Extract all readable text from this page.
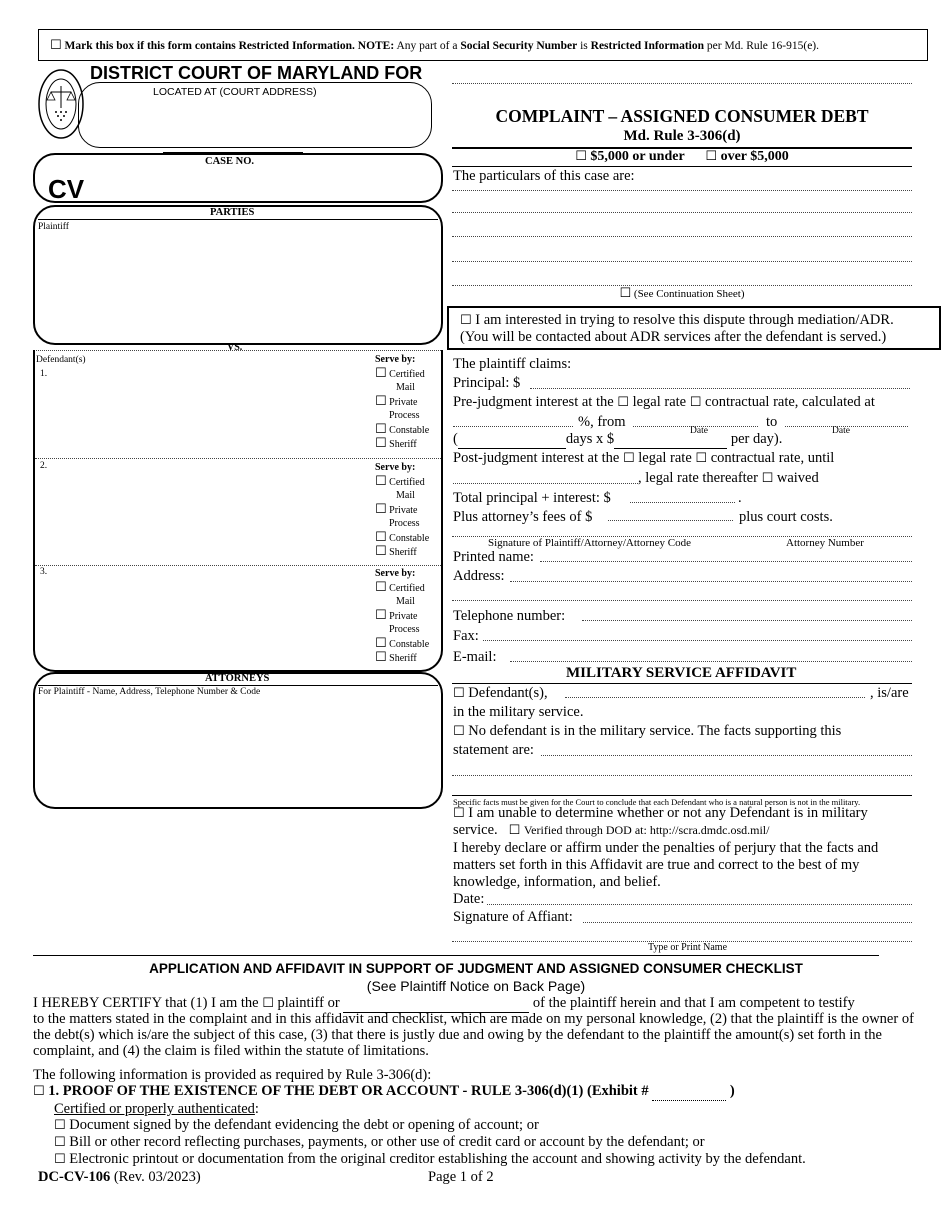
☐ Mark this box if this form contains Restricted Information. NOTE: Any part of a Social Security Number is Restricted Information per Md. Rule 16-915(e).
DISTRICT COURT OF MARYLAND FOR
LOCATED AT (COURT ADDRESS)
CASE NO.
CV
PARTIES
Plaintiff
VS.
Defendant(s)
1.
2.
3.
Serve by:
☐ Certified
Mail
☐ Private
Process
☐ Constable
☐ Sheriff
Serve by:
☐ Certified
Mail
☐ Private
Process
☐ Constable
☐ Sheriff
Serve by:
☐ Certified
Mail
☐ Private
Process
☐ Constable
☐ Sheriff
ATTORNEYS
For Plaintiff - Name, Address, Telephone Number & Code
COMPLAINT – ASSIGNED CONSUMER DEBT
Md. Rule 3-306(d)
☐ $5,000 or under ☐ over $5,000
The particulars of this case are:
☐ (See Continuation Sheet)
☐ I am interested in trying to resolve this dispute through mediation/ADR.
(You will be contacted about ADR services after the defendant is served.)
The plaintiff claims:
Principal: $
Pre-judgment interest at the ☐ legal rate ☐ contractual rate, calculated at
%, from	to
Date	Date
(	days x $	per day).
Post-judgment interest at the ☐ legal rate ☐ contractual rate, until
, legal rate thereafter ☐ waived
Total principal + interest: $	.
Plus attorney’s fees of $	plus court costs.
Signature of Plaintiff/Attorney/Attorney Code	Attorney Number
Printed name:
Address:
Telephone number:
Fax:
E-mail:
MILITARY SERVICE AFFIDAVIT
☐ Defendant(s),	, is/are
in the military service.
☐ No defendant is in the military service. The facts supporting this
statement are:
Specific facts must be given for the Court to conclude that each Defendant who is a natural person is not in the military.
☐ I am unable to determine whether or not any Defendant is in military
service. ☐ Verified through DOD at: http://scra.dmdc.osd.mil/
I hereby declare or affirm under the penalties of perjury that the facts and matters set forth in this Affidavit are true and correct to the best of my knowledge, information, and belief.
Date:
Signature of Affiant:
Type or Print Name
APPLICATION AND AFFIDAVIT IN SUPPORT OF JUDGMENT AND ASSIGNED CONSUMER CHECKLIST
(See Plaintiff Notice on Back Page)
I HEREBY CERTIFY that (1) I am the ☐ plaintiff or	of the plaintiff herein and that I am competent to testify
to the matters stated in the complaint and in this affidavit and checklist, which are made on my personal knowledge, (2) that the plaintiff is the owner of the debt(s) which is/are the subject of this case, (3) that there is justly due and owing by the defendant to the plaintiff the amount(s) set forth in the complaint, and (4) the claim is filed within the statute of limitations.
The following information is provided as required by Rule 3-306(d):
☐ 1. PROOF OF THE EXISTENCE OF THE DEBT OR ACCOUNT - RULE 3-306(d)(1) (Exhibit #	)
Certified or properly authenticated:
☐ Document signed by the defendant evidencing the debt or opening of account; or
☐ Bill or other record reflecting purchases, payments, or other use of credit card or account by the defendant; or
☐ Electronic printout or documentation from the original creditor establishing the account and showing activity by the defendant.
DC-CV-106 (Rev. 03/2023)	Page 1 of 2
